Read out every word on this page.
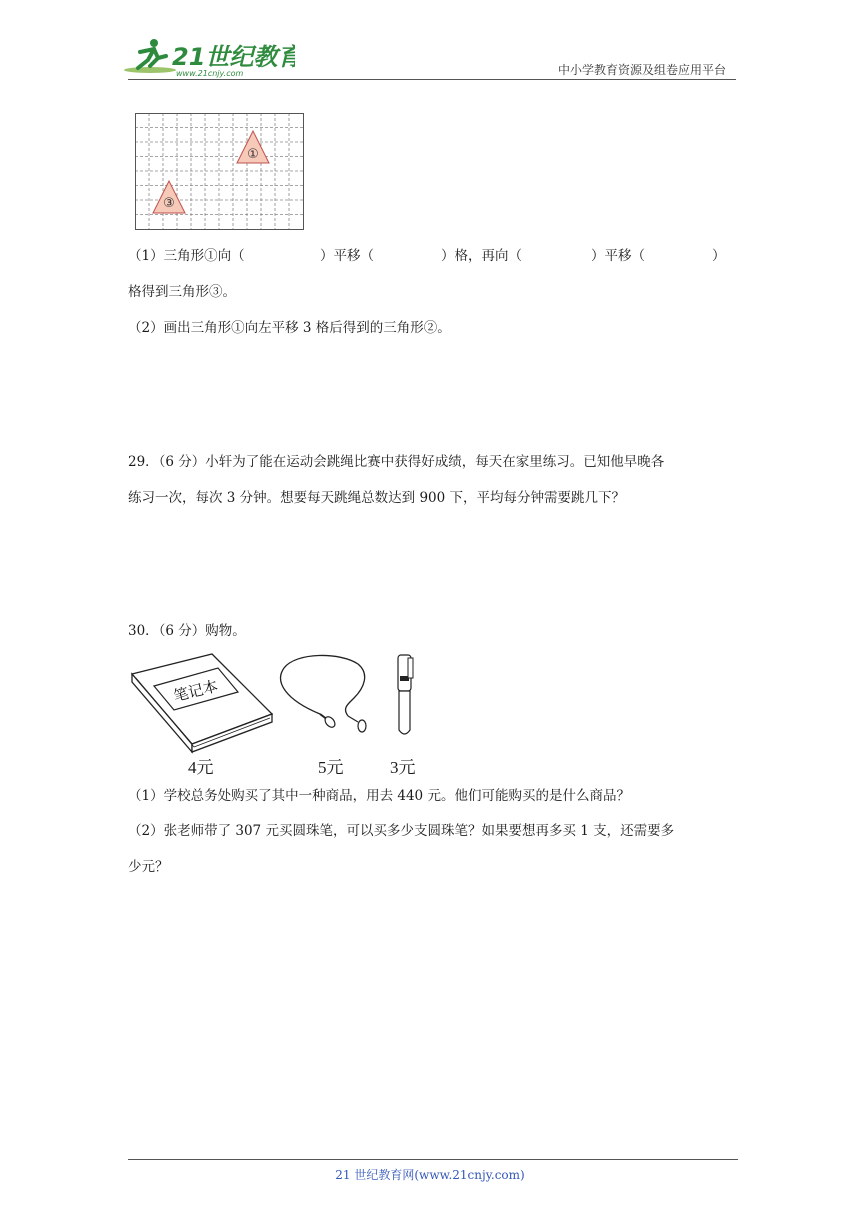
21世纪教育
www.21cnjy.com	中小学教育资源及组卷应用平台
①
③
（1）三角形①向（	）平移（	）格，再向（	）平移（	）
格得到三角形③。
（2）画出三角形①向左平移 3 格后得到的三角形②。
29．（6 分）小轩为了能在运动会跳绳比赛中获得好成绩，每天在家里练习。已知他早晚各
练习一次，每次 3 分钟。想要每天跳绳总数达到 900 下，平均每分钟需要跳几下？
30．（6 分）购物。
笔记本
4元	5元	3元
（1）学校总务处购买了其中一种商品，用去 440 元。他们可能购买的是什么商品？
（2）张老师带了 307 元买圆珠笔，可以买多少支圆珠笔？如果要想再多买 1 支，还需要多
少元？
21 世纪教育网(www.21cnjy.com)
